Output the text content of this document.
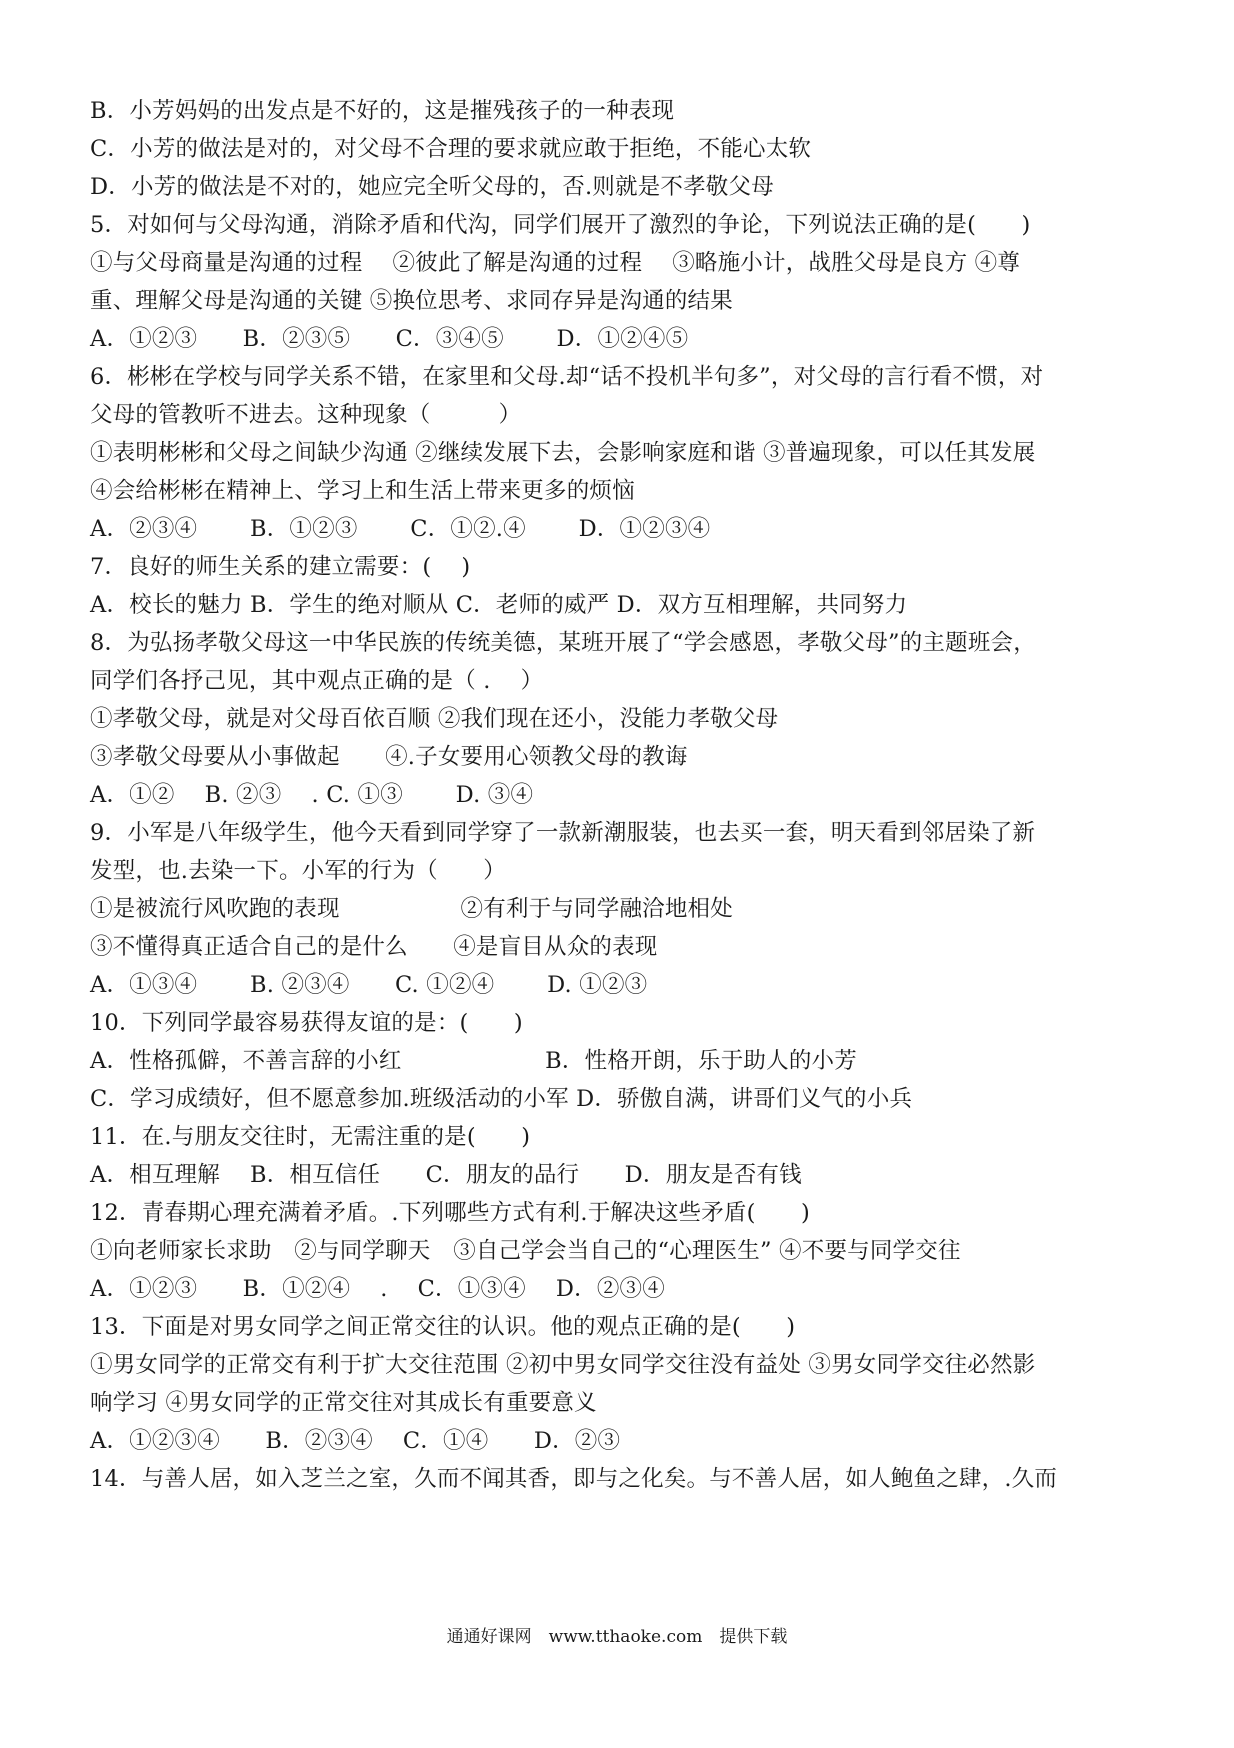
B．小芳妈妈的出发点是不好的，这是摧残孩子的一种表现
C．小芳的做法是对的，对父母不合理的要求就应敢于拒绝，不能心太软
D．小芳的做法是不对的，她应完全听父母的，否.则就是不孝敬父母
5．对如何与父母沟通，消除矛盾和代沟，同学们展开了激烈的争论，下列说法正确的是(　　)
①与父母商量是沟通的过程　 ②彼此了解是沟通的过程　 ③略施小计，战胜父母是良方 ④尊
重、理解父母是沟通的关键 ⑤换位思考、求同存异是沟通的结果
A．①②③　　B．②③⑤　　C．③④⑤　　 D．①②④⑤
6．彬彬在学校与同学关系不错，在家里和父母.却“话不投机半句多”，对父母的言行看不惯，对
父母的管教听不进去。这种现象（　　　）
①表明彬彬和父母之间缺少沟通 ②继续发展下去，会影响家庭和谐 ③普遍现象，可以任其发展
④会给彬彬在精神上、学习上和生活上带来更多的烦恼
A．②③④　　 B．①②③　　 C．①②.④　　 D．①②③④
7．良好的师生关系的建立需要：(　 )
A．校长的魅力 B．学生的绝对顺从 C．老师的威严 D．双方互相理解，共同努力
8．为弘扬孝敬父母这一中华民族的传统美德，某班开展了“学会感恩，孝敬父母”的主题班会，
同学们各抒己见，其中观点正确的是（ .　 ）
①孝敬父母，就是对父母百依百顺 ②我们现在还小，没能力孝敬父母
③孝敬父母要从小事做起　　④.子女要用心领教父母的教诲
A．①②　 B. ②③　 . C. ①③　　 D. ③④
9．小军是八年级学生，他今天看到同学穿了一款新潮服装，也去买一套，明天看到邻居染了新
发型，也.去染一下。小军的行为（　　）
①是被流行风吹跑的表现　　　　　 ②有利于与同学融洽地相处
③不懂得真正适合自己的是什么　　④是盲目从众的表现
A．①③④　　 B. ②③④　　C. ①②④　　 D. ①②③
10．下列同学最容易获得友谊的是：(　　)
A．性格孤僻，不善言辞的小红　　　　　　 B．性格开朗，乐于助人的小芳
C．学习成绩好，但不愿意参加.班级活动的小军 D．骄傲自满，讲哥们义气的小兵
11．在.与朋友交往时，无需注重的是(　　)
A．相互理解　 B．相互信任　　C．朋友的品行　　D．朋友是否有钱
12．青春期心理充满着矛盾。.下列哪些方式有利.于解决这些矛盾(　　)
①向老师家长求助　②与同学聊天　③自己学会当自己的“心理医生” ④不要与同学交往
A．①②③　　B．①②④　 .　 C．①③④　 D．②③④
13．下面是对男女同学之间正常交往的认识。他的观点正确的是(　　)
①男女同学的正常交有利于扩大交往范围 ②初中男女同学交往没有益处 ③男女同学交往必然影
响学习 ④男女同学的正常交往对其成长有重要意义
A．①②③④　　B．②③④　 C．①④　　D．②③
14．与善人居，如入芝兰之室，久而不闻其香，即与之化矣。与不善人居，如人鲍鱼之肆，.久而
通通好课网　www.tthaoke.com　提供下载
